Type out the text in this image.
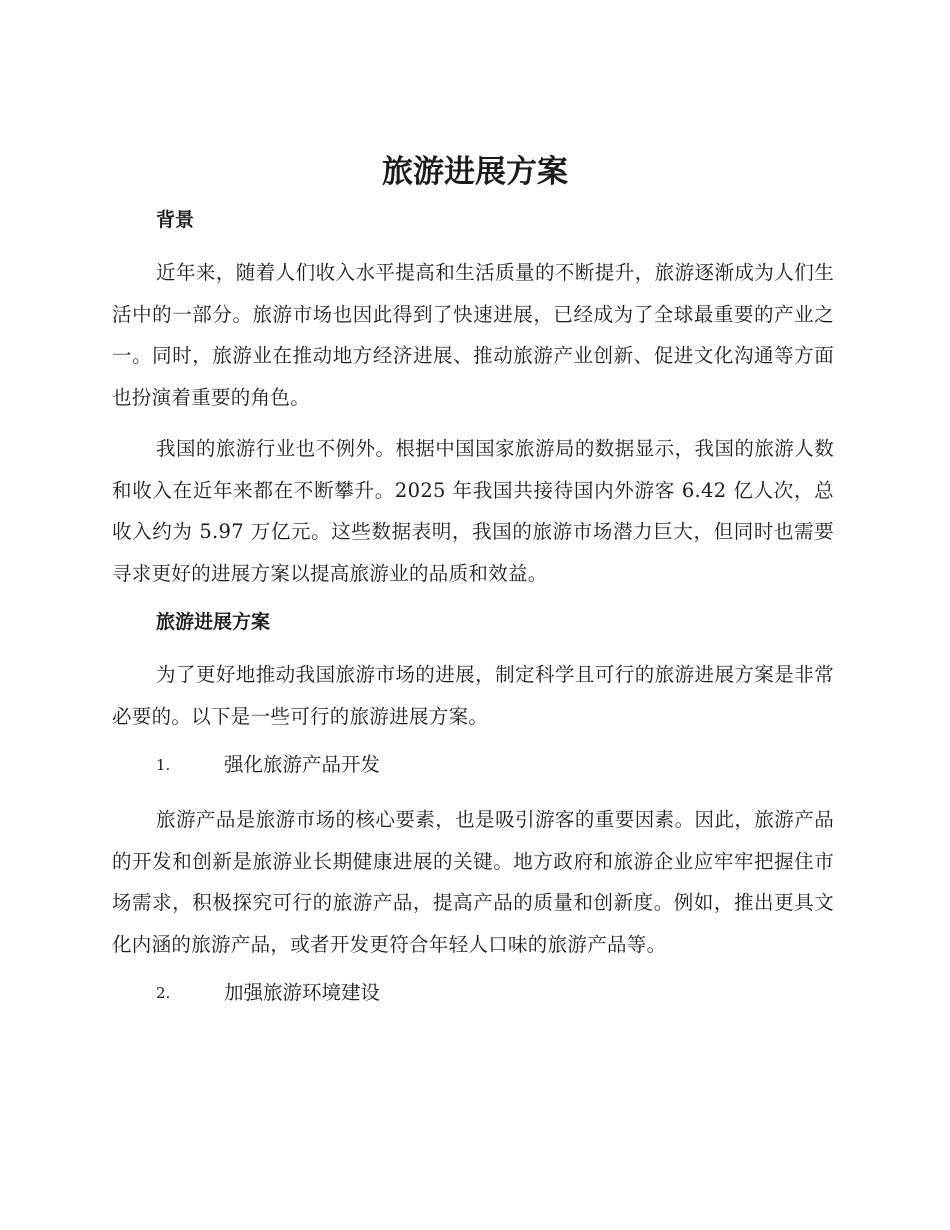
旅游进展方案
背景

近年来，随着人们收入水平提高和生活质量的不断提升，旅游逐渐成为人们生活中的一部分。旅游市场也因此得到了快速进展，已经成为了全球最重要的产业之一。同时，旅游业在推动地方经济进展、推动旅游产业创新、促进文化沟通等方面也扮演着重要的角色。

我国的旅游行业也不例外。根据中国国家旅游局的数据显示，我国的旅游人数和收入在近年来都在不断攀升。2025 年我国共接待国内外游客 6.42 亿人次，总收入约为 5.97 万亿元。这些数据表明，我国的旅游市场潜力巨大，但同时也需要寻求更好的进展方案以提高旅游业的品质和效益。

旅游进展方案

为了更好地推动我国旅游市场的进展，制定科学且可行的旅游进展方案是非常必要的。以下是一些可行的旅游进展方案。

1.	强化旅游产品开发

旅游产品是旅游市场的核心要素，也是吸引游客的重要因素。因此，旅游产品的开发和创新是旅游业长期健康进展的关键。地方政府和旅游企业应牢牢把握住市场需求，积极探究可行的旅游产品，提高产品的质量和创新度。例如，推出更具文化内涵的旅游产品，或者开发更符合年轻人口味的旅游产品等。

2.	加强旅游环境建设
